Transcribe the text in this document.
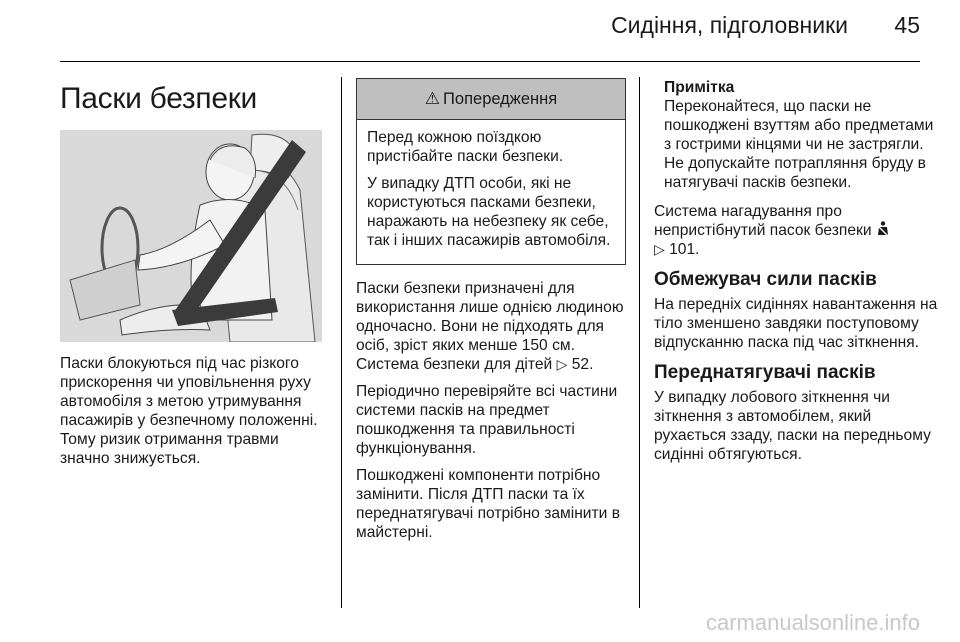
Сидіння, підголовники 45
Паски безпеки

Паски блокуються під час різкого прискорення чи уповільнення руху автомобіля з метою утримування пасажирів у безпечному положенні. Тому ризик отримання травми значно знижується.

⚠ Попередження

Перед кожною поїздкою пристібайте паски безпеки.

У випадку ДТП особи, які не користуються пасками безпеки, наражають на небезпеку як себе, так і інших пасажирів автомобіля.

Паски безпеки призначені для використання лише однією людиною одночасно. Вони не підходять для осіб, зріст яких менше 150 см. Система безпеки для дітей ▷ 52.

Періодично перевіряйте всі частини системи пасків на предмет пошкодження та правильності функціонування.

Пошкоджені компоненти потрібно замінити. Після ДТП паски та їх переднатягувачі потрібно замінити в майстерні.

Примітка
Переконайтеся, що паски не пошкоджені взуттям або предметами з гострими кінцями чи не застрягли. Не допускайте потрапляння бруду в натягувачі пасків безпеки.

Система нагадування про непристібнутий пасок безпеки
▷ 101.

Обмежувач сили пасків

На передніх сидіннях навантаження на тіло зменшено завдяки поступовому відпусканню паска під час зіткнення.

Переднатягувачі пасків

У випадку лобового зіткнення чи зіткнення з автомобілем, який рухається ззаду, паски на передньому сидінні обтягуються.

carmanualsonline.info
